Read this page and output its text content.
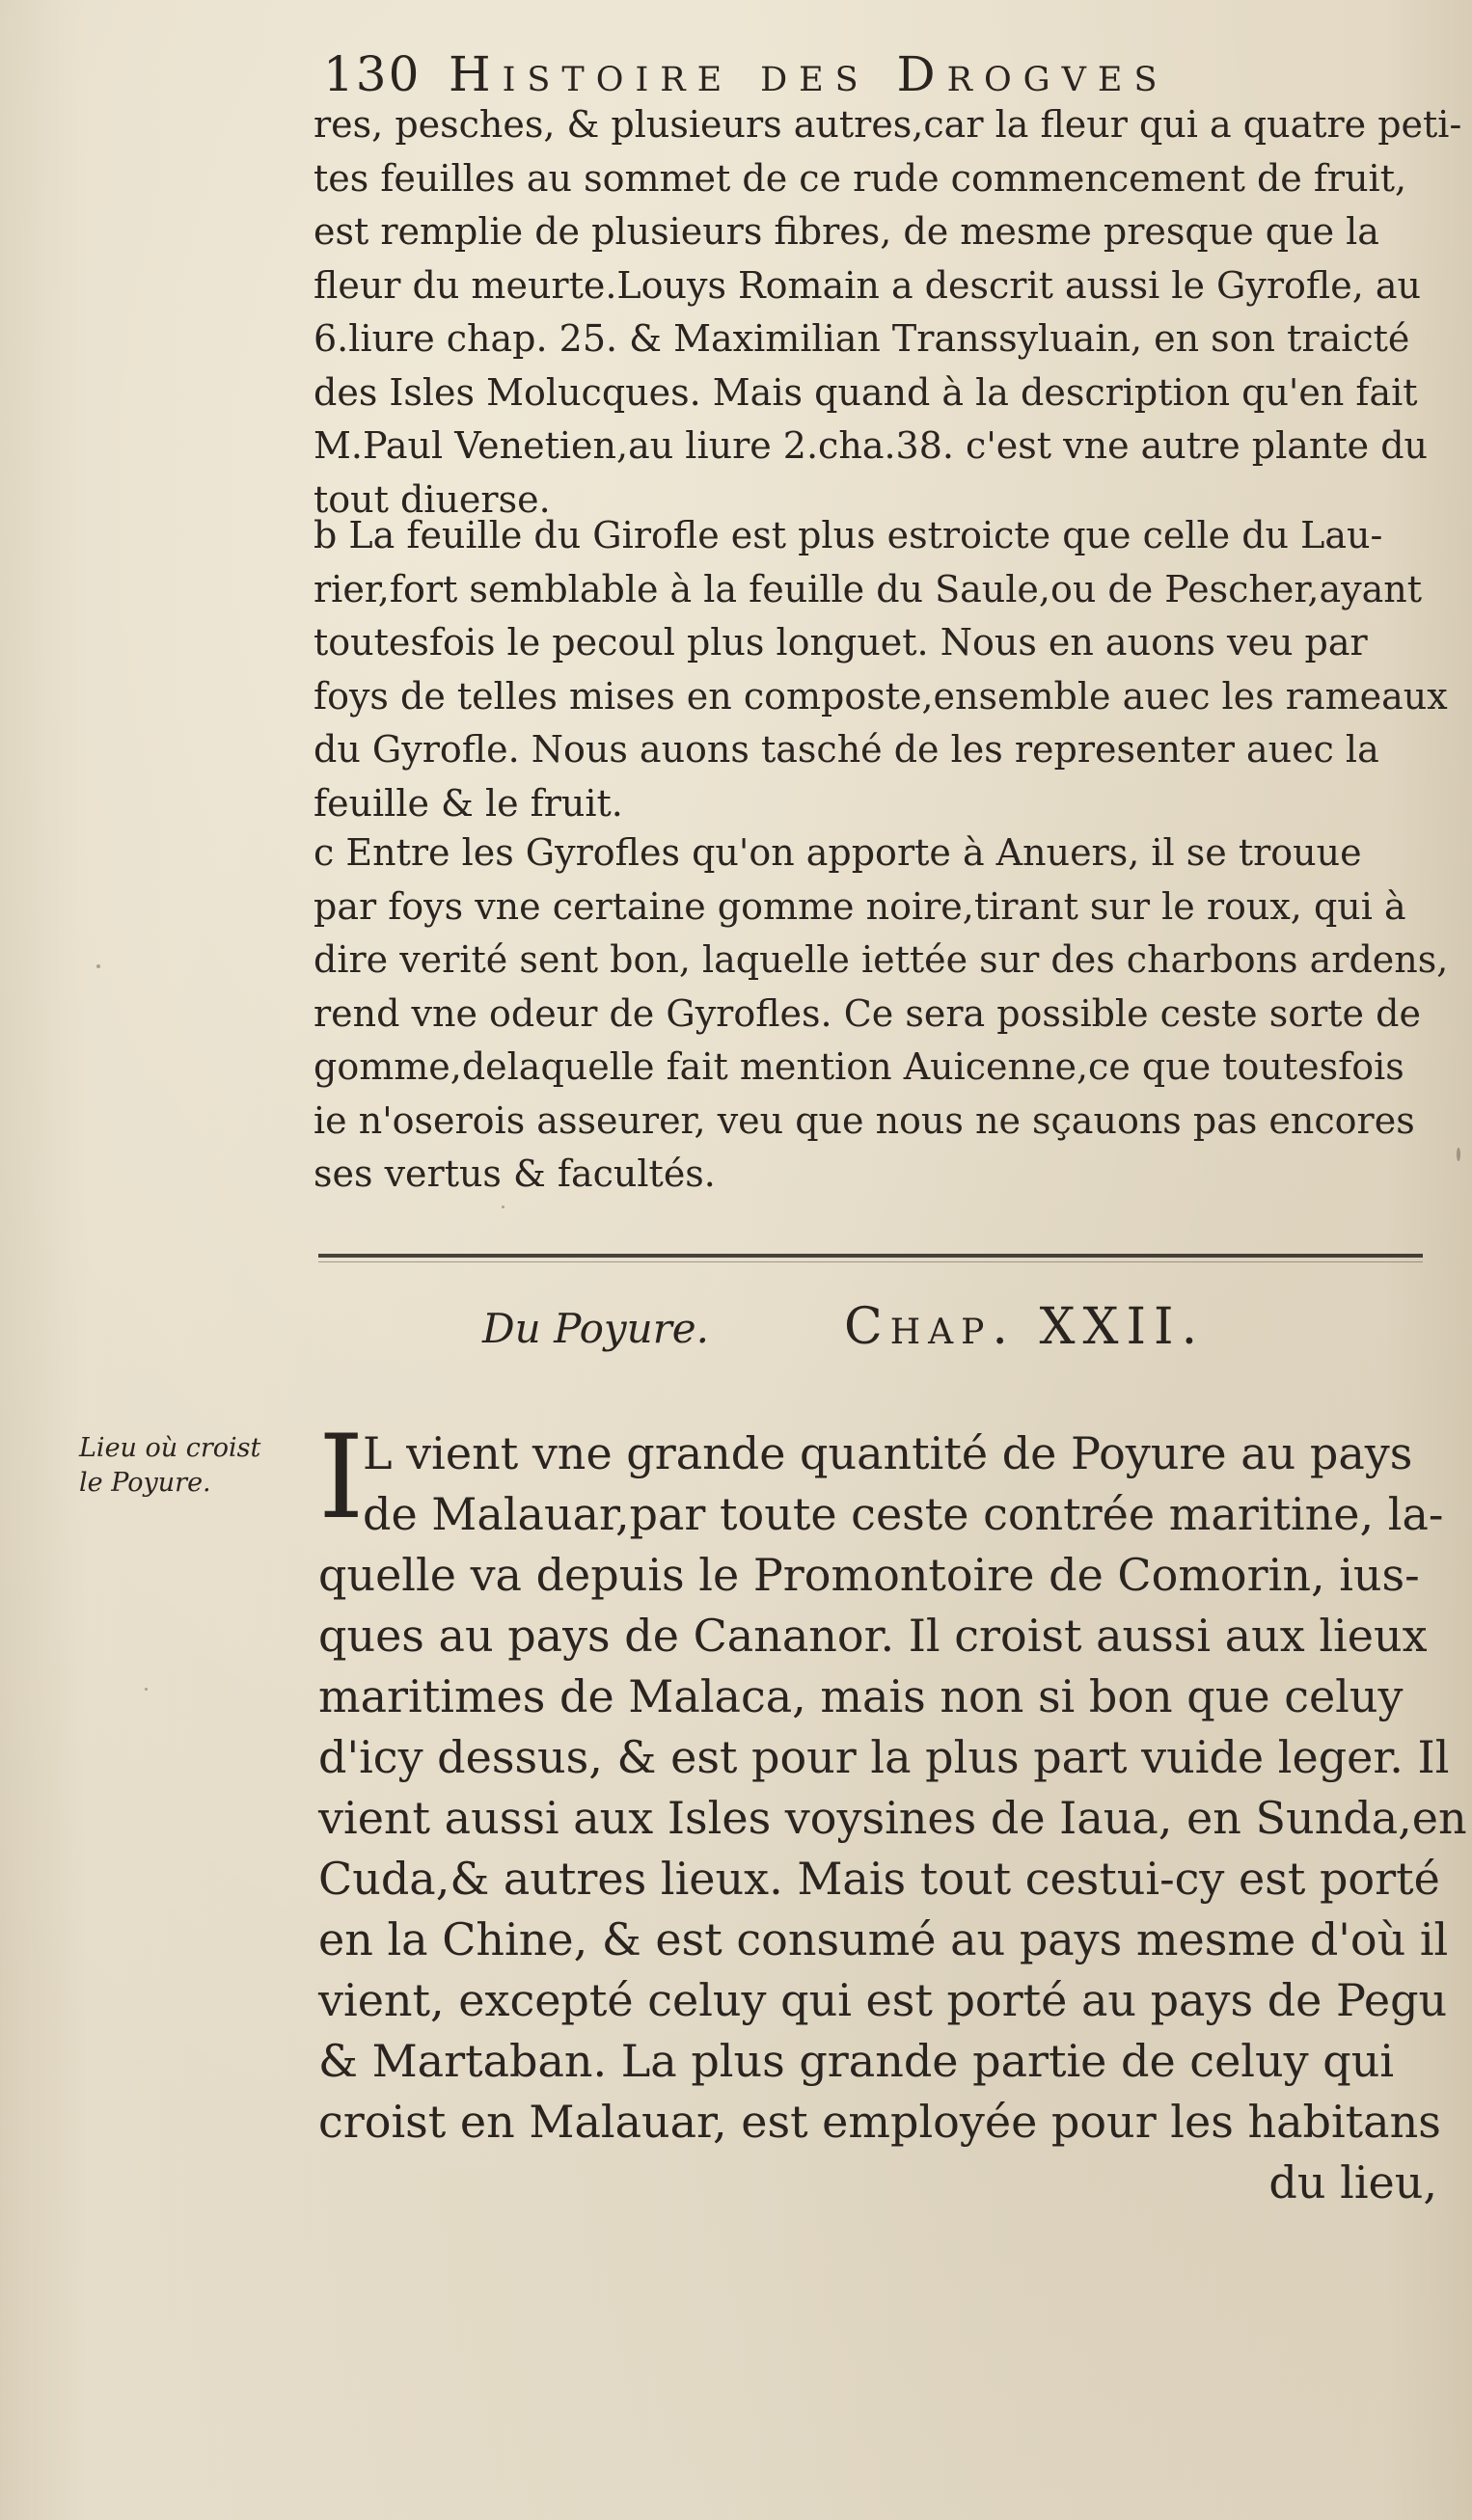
130 Histoire des Drogves
res, pesches, & plusieurs autres,car la fleur qui a quatre peti-
tes feuilles au sommet de ce rude commencement de fruit,
est remplie de plusieurs fibres, de mesme presque que la
fleur du meurte.Louys Romain a descrit aussi le Gyrofle, au
6.liure chap. 25. & Maximilian Transsyluain, en son traicté
des Isles Molucques. Mais quand à la description qu'en fait
M.Paul Venetien,au liure 2.cha.38. c'est vne autre plante du
tout diuerse.
b La feuille du Girofle est plus estroicte que celle du Lau-
rier,fort semblable à la feuille du Saule,ou de Pescher,ayant
toutesfois le pecoul plus longuet. Nous en auons veu par
foys de telles mises en composte,ensemble auec les rameaux
du Gyrofle. Nous auons tasché de les representer auec la
feuille & le fruit.
c Entre les Gyrofles qu'on apporte à Anuers, il se trouue
par foys vne certaine gomme noire,tirant sur le roux, qui à
dire verité sent bon, laquelle iettée sur des charbons ardens,
rend vne odeur de Gyrofles. Ce sera possible ceste sorte de
gomme,delaquelle fait mention Auicenne,ce que toutesfois
ie n'oserois asseurer, veu que nous ne sçauons pas encores
ses vertus & facultés.
Du Poyure.	Chap. XXII.
Lieu où croist
le Poyure. I
L vient vne grande quantité de Poyure au pays
de Malauar,par toute ceste contrée maritine, la-
quelle va depuis le Promontoire de Comorin, ius-
ques au pays de Cananor. Il croist aussi aux lieux
maritimes de Malaca, mais non si bon que celuy
d'icy dessus, & est pour la plus part vuide leger. Il
vient aussi aux Isles voysines de Iaua, en Sunda,en
Cuda,& autres lieux. Mais tout cestui-cy est porté
en la Chine, & est consumé au pays mesme d'où il
vient, excepté celuy qui est porté au pays de Pegu
& Martaban. La plus grande partie de celuy qui
croist en Malauar, est employée pour les habitans
du lieu,
